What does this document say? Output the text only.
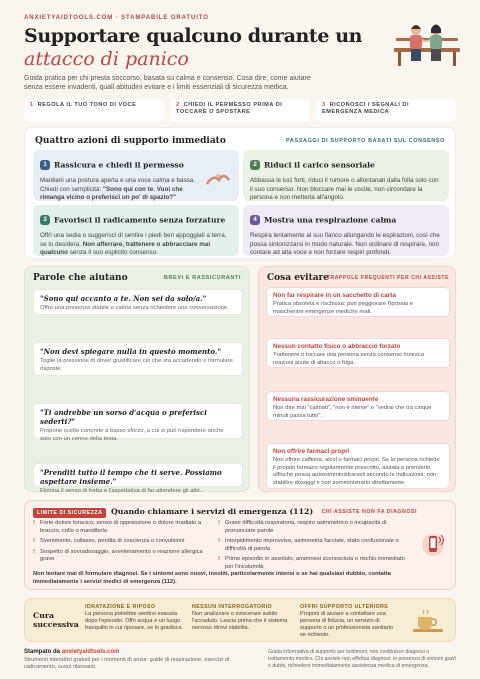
ANXIETYAIDTOOLS.COM · STAMPABILE GRATUITO
Supportare qualcuno durante un
attacco di panico
Guida pratica per chi presta soccorso, basata su calma e consenso. Cosa dire, come aiutare senza essere invadenti, quali abitudini evitare e i limiti essenziali di sicurezza medica.
1 REGOLA IL TUO TONO DI VOCE	2 CHIEDI IL PERMESSO PRIMA DI TOCCARE O SPOSTARE
3 RICONOSCI I SEGNALI DI EMERGENZA MEDICA
Quattro azioni di supporto immediato	PASSAGGI DI SUPPORTO BASATI SUL CONSENSO
1 Rassicura e chiedi il permesso
Mantieni una postura aperta e una voce calma e bassa. Chiedi con semplicità: "Sono qui con te. Vuoi che rimanga vicino o preferisci un po' di spazio?"
2 Riduci il carico sensoriale
Abbassa le luci forti, riduci il rumore o allontanati dalla folla solo con il suo consenso. Non bloccare mai le uscite, non circondare la persona e non metterla all'angolo.
3 Favorisci il radicamento senza forzature
Offri una sedia o suggerisci di sentire i piedi ben appoggiati a terra, se lo desidera. Non afferrare, trattenere o abbracciare mai qualcuno senza il suo esplicito consenso.
4 Mostra una respirazione calma
Respira lentamente al suo fianco allungando le espirazioni, così che possa sintonizzarsi in modo naturale. Non ordinare di respirare, non contare ad alta voce e non forzare respiri profondi.
Parole che aiutano	BREVI E RASSICURANTI
"Sono qui accanto a te. Non sei da solo/a."
Offre una presenza stabile e calma senza richiedere una conversazione.
"Non devi spiegare nulla in questo momento."
Toglie la pressione di dover giustificare ciò che sta accadendo o formulare risposte.
"Ti andrebbe un sorso d'acqua o preferisci sederti?"
Propone scelte concrete a basso sforzo, a cui si può rispondere anche solo con un cenno della testa.
"Prenditi tutto il tempo che ti serve. Possiamo aspettare insieme."
Elimina il senso di fretta e l'aspettativa di far attendere gli altri.
Cosa evitare
TRAPPOLE FREQUENTI PER CHI ASSISTE
Non far respirare in un sacchetto di carta
Pratica obsoleta e rischiosa; può peggiorare l'ipossia e mascherare emergenze mediche reali.
Nessun contatto fisico o abbraccio forzato
Trattenere o toccare una persona senza consenso innesca reazioni acute di attacco o fuga.
Nessuna rassicurazione sminuente
Non dire mai "calmati", "non è niente" o "vedrai che tra cinque minuti passa tutto".
Non offrire farmaci propri
Non offrire caffeina, alcol o farmaci propri. Se la persona richiede il proprio farmaco regolarmente prescritto, aiutala a prenderlo affinché possa autosomministrarseli secondo le indicazioni; non stabilire dosaggi e non somministrarlo direttamente.
LIMITE DI SICUREZZA	Quando chiamare i servizi di emergenza (112) CHI ASSISTE NON FA DIAGNOSI
! Forte dolore toracico, senso di oppressione o dolore irradiato a braccio, collo o mandibola
! Svenimento, collasso, perdita di coscienza o convulsioni
! Sospetto di sovradosaggio, avvelenamento o reazione allergica grave
! Grave difficoltà respiratoria, respiro asimmetrico o incapacità di pronunciare parole
! Intorpidimento improvviso, asimmetria facciale, stato confusionale o difficoltà di parola
! Primo episodio in assoluto, anamnesi sconosciuta o rischio immediato per l'incolumità
Non tentare mai di formulare diagnosi. Se i sintomi sono nuovi, insoliti, particolarmente intensi o se hai qualsiasi dubbio, contatta immediatamente i servizi medici di emergenza (112).
Cura successiva
IDRATAZIONE E RIPOSO
La persona potrebbe sentirsi esausta dopo l'episodio. Offri acqua e un luogo tranquillo in cui riposare, se lo gradisce.
NESSUN INTERROGATORIO
Non analizzare o sviscerare subito l'accaduto. Lascia prima che il sistema nervoso ritrovi stabilità.
OFFRI SUPPORTO ULTERIORE
Proponi di aiutare a contattare una persona di fiducia, un servizio di supporto o un professionista sanitario se richiesto.
Stampato da anxietyaidtools.com
Strumenti interattivi gratuiti per i momenti di ansia: guide di respirazione, esercizi di radicamento, suoni rilassanti.
Guida informativa di supporto per testimoni, non costituisce diagnosi o trattamento medico. Chi assiste non effettua diagnosi: in presenza di sintomi gravi o dubbi, richiedere immediatamente assistenza medica di emergenza.
